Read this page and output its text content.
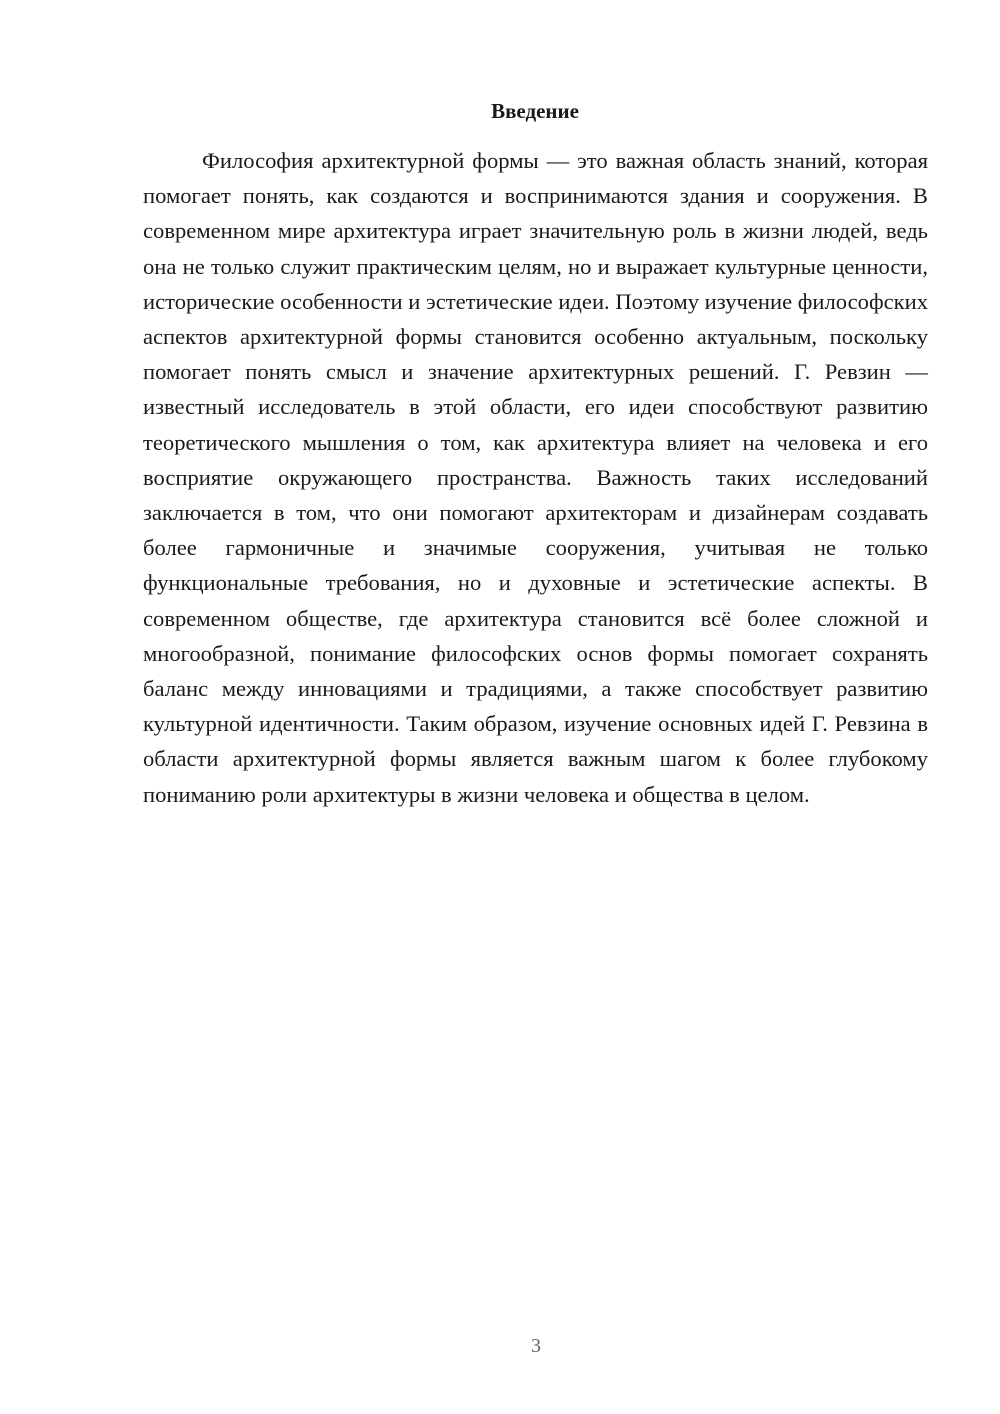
Введение

Философия архитектурной формы — это важная область знаний, которая помогает понять, как создаются и воспринимаются здания и сооружения. В современном мире архитектура играет значительную роль в жизни людей, ведь она не только служит практическим целям, но и выражает культурные ценности, исторические особенности и эстетические идеи. Поэтому изучение философских аспектов архитектурной формы становится особенно актуальным, поскольку помогает понять смысл и значение архитектурных решений. Г. Ревзин — известный исследователь в этой области, его идеи способствуют развитию теоретического мышления о том, как архитектура влияет на человека и его восприятие окружающего пространства. Важность таких исследований заключается в том, что они помогают архитекторам и дизайнерам создавать более гармоничные и значимые сооружения, учитывая не только функциональные требования, но и духовные и эстетические аспекты. В современном обществе, где архитектура становится всё более сложной и многообразной, понимание философских основ формы помогает сохранять баланс между инновациями и традициями, а также способствует развитию культурной идентичности. Таким образом, изучение основных идей Г. Ревзина в области архитектурной формы является важным шагом к более глубокому пониманию роли архитектуры в жизни человека и общества в целом.

3
